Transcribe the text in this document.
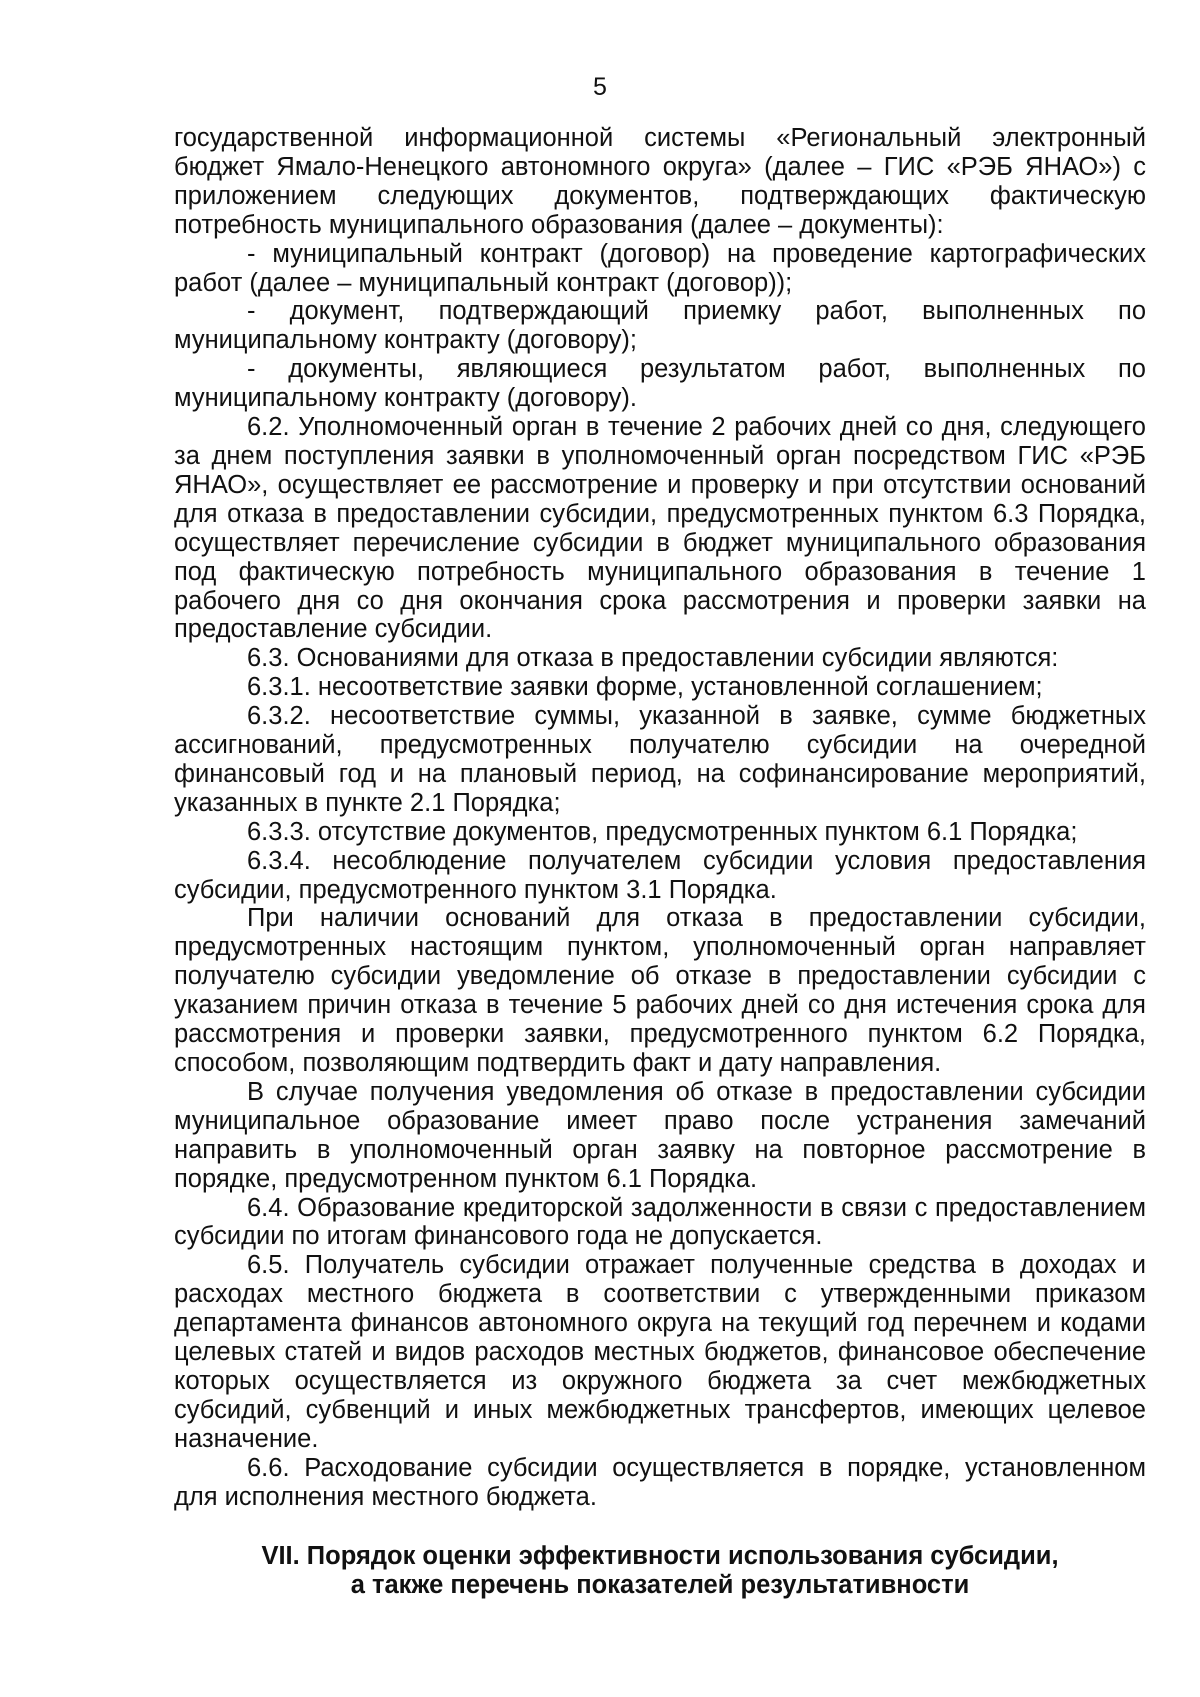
5

государственной информационной системы «Региональный электронный бюджет Ямало-Ненецкого автономного округа» (далее – ГИС «РЭБ ЯНАО») с приложением следующих документов, подтверждающих фактическую потребность муниципального образования (далее – документы):

- муниципальный контракт (договор) на проведение картографических работ (далее – муниципальный контракт (договор));

- документ, подтверждающий приемку работ, выполненных по муниципальному контракту (договору);

- документы, являющиеся результатом работ, выполненных по муниципальному контракту (договору).

6.2. Уполномоченный орган в течение 2 рабочих дней со дня, следующего за днем поступления заявки в уполномоченный орган посредством ГИС «РЭБ ЯНАО», осуществляет ее рассмотрение и проверку и при отсутствии оснований для отказа в предоставлении субсидии, предусмотренных пунктом 6.3 Порядка, осуществляет перечисление субсидии в бюджет муниципального образования под фактическую потребность муниципального образования в течение 1 рабочего дня со дня окончания срока рассмотрения и проверки заявки на предоставление субсидии.

6.3. Основаниями для отказа в предоставлении субсидии являются:

6.3.1. несоответствие заявки форме, установленной соглашением;

6.3.2. несоответствие суммы, указанной в заявке, сумме бюджетных ассигнований, предусмотренных получателю субсидии на очередной финансовый год и на плановый период, на софинансирование мероприятий, указанных в пункте 2.1 Порядка;

6.3.3. отсутствие документов, предусмотренных пунктом 6.1 Порядка;

6.3.4. несоблюдение получателем субсидии условия предоставления субсидии, предусмотренного пунктом 3.1 Порядка.

При наличии оснований для отказа в предоставлении субсидии, предусмотренных настоящим пунктом, уполномоченный орган направляет получателю субсидии уведомление об отказе в предоставлении субсидии с указанием причин отказа в течение 5 рабочих дней со дня истечения срока для рассмотрения и проверки заявки, предусмотренного пунктом 6.2 Порядка, способом, позволяющим подтвердить факт и дату направления.

В случае получения уведомления об отказе в предоставлении субсидии муниципальное образование имеет право после устранения замечаний направить в уполномоченный орган заявку на повторное рассмотрение в порядке, предусмотренном пунктом 6.1 Порядка.

6.4. Образование кредиторской задолженности в связи с предоставлением субсидии по итогам финансового года не допускается.

6.5. Получатель субсидии отражает полученные средства в доходах и расходах местного бюджета в соответствии с утвержденными приказом департамента финансов автономного округа на текущий год перечнем и кодами целевых статей и видов расходов местных бюджетов, финансовое обеспечение которых осуществляется из окружного бюджета за счет межбюджетных субсидий, субвенций и иных межбюджетных трансфертов, имеющих целевое назначение.

6.6. Расходование субсидии осуществляется в порядке, установленном для исполнения местного бюджета.

VII. Порядок оценки эффективности использования субсидии,
а также перечень показателей результативности
